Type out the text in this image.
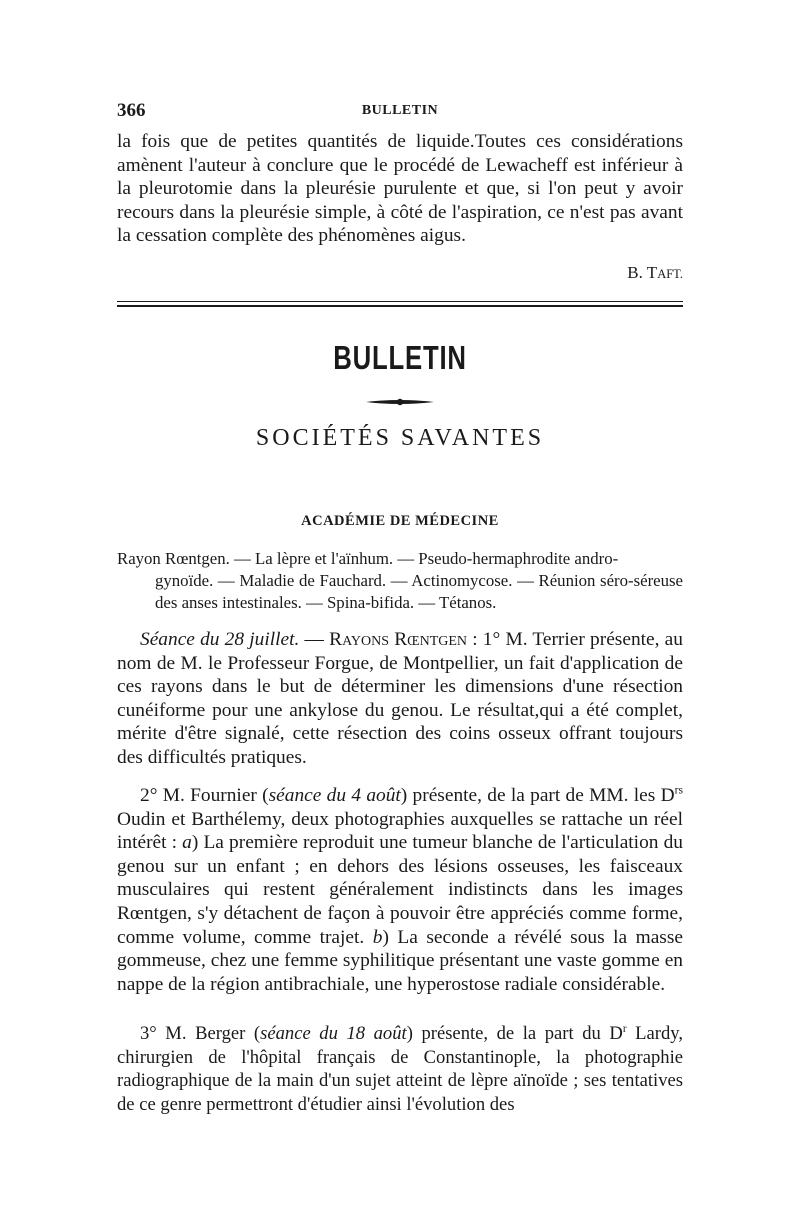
366	BULLETIN

la fois que de petites quantités de liquide.Toutes ces considérations amènent l'auteur à conclure que le procédé de Lewacheff est inférieur à la pleurotomie dans la pleurésie purulente et que, si l'on peut y avoir recours dans la pleurésie simple, à côté de l'aspiration, ce n'est pas avant la cessation complète des phénomènes aigus.

B. TAFT.
BULLETIN
SOCIÉTÉS SAVANTES
ACADÉMIE DE MÉDECINE

Rayon Rœntgen. — La lèpre et l'aïnhum. — Pseudo-hermaphrodite andro-
gynoïde. — Maladie de Fauchard. — Actinomycose. — Réunion séro-séreuse des anses intestinales. — Spina-bifida. — Tétanos.

Séance du 28 juillet. — Rayons Rœntgen : 1° M. Terrier présente, au nom de M. le Professeur Forgue, de Montpellier, un fait d'application de ces rayons dans le but de déterminer les dimensions d'une résection cunéiforme pour une ankylose du genou. Le résultat,qui a été complet, mérite d'être signalé, cette résection des coins osseux offrant toujours des difficultés pratiques.

2° M. Fournier (séance du 4 août) présente, de la part de MM. les $D^{rs}$ Oudin et Barthélemy, deux photographies auxquelles se rattache un réel intérêt : a) La première reproduit une tumeur blanche de l'articulation du genou sur un enfant ; en dehors des lésions osseuses, les faisceaux musculaires qui restent généralement indistincts dans les images Rœntgen, s'y détachent de façon à pouvoir être appréciés comme forme, comme volume, comme trajet. b) La seconde a révélé sous la masse gommeuse, chez une femme syphilitique présentant une vaste gomme en nappe de la région antibrachiale, une hyperostose radiale considérable.

3° M. Berger (séance du 18 août) présente, de la part du $D^r$ Lardy, chirurgien de l'hôpital français de Constantinople, la photographie radiographique de la main d'un sujet atteint de lèpre aïnoïde ; ses tentatives de ce genre permettront d'étudier ainsi l'évolution des
